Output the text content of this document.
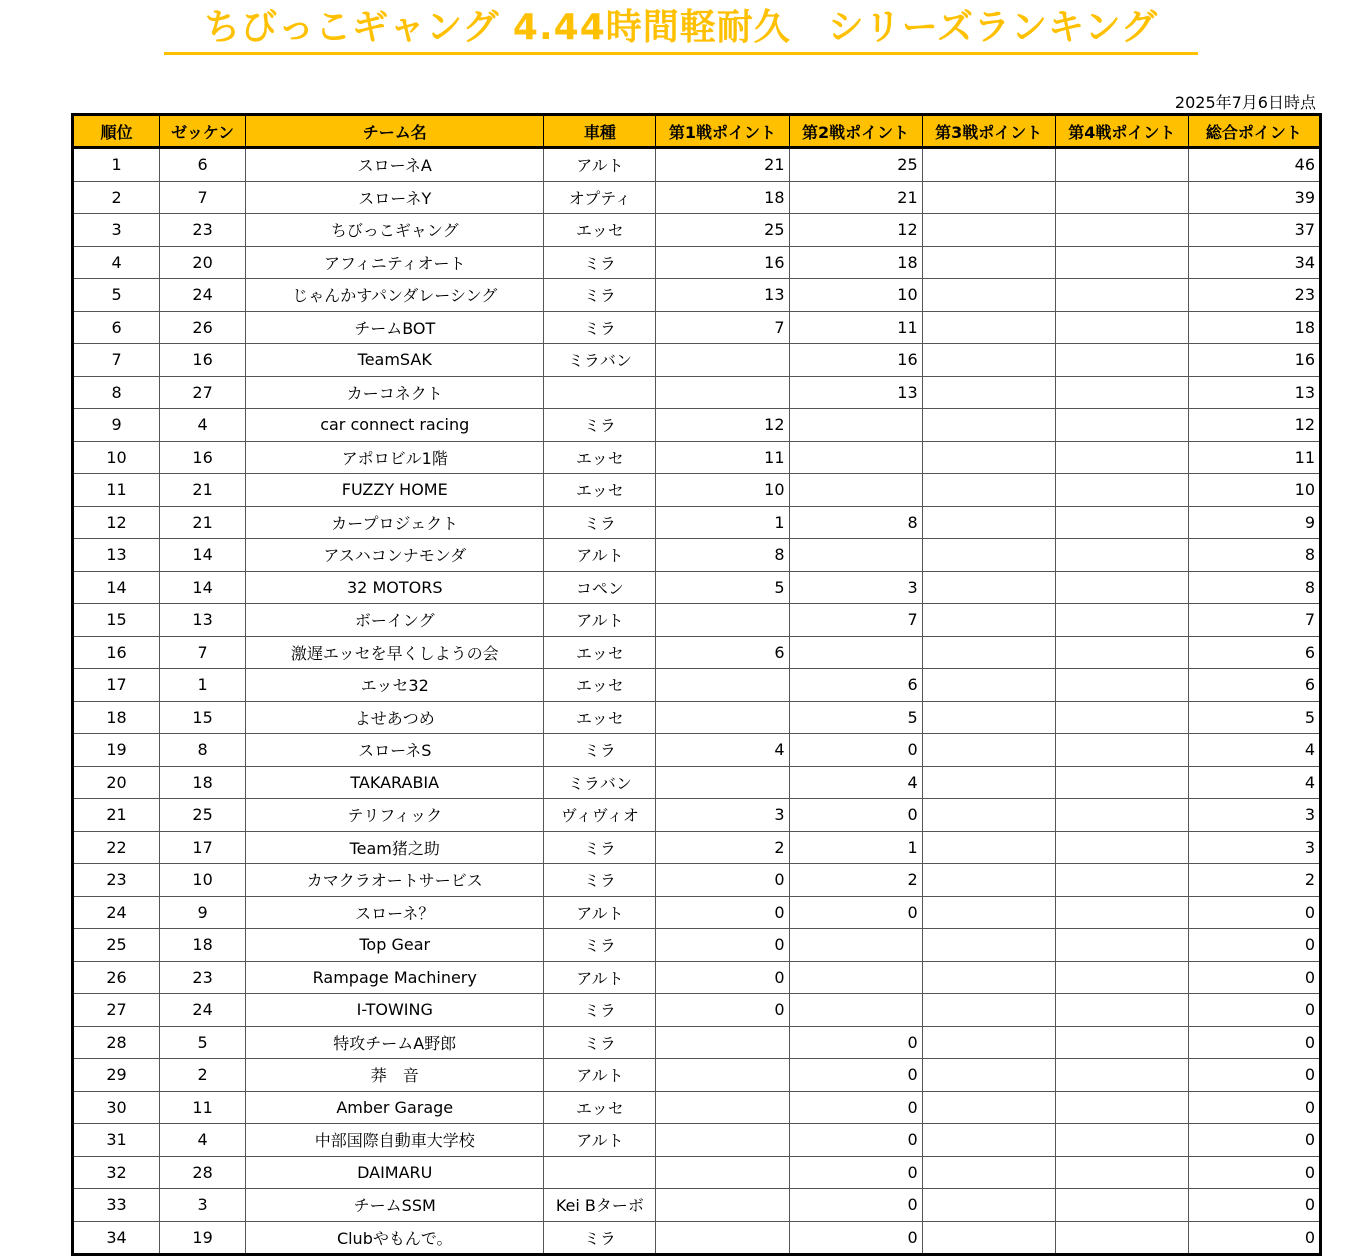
ちびっこギャング 4.44時間軽耐久　シリーズランキング
2025年7月6日時点
順位	ゼッケン	チーム名	車種	第1戦ポイント	第2戦ポイント	第3戦ポイント	第4戦ポイント	総合ポイント
1	6	スローネA	アルト	21	25			46
2	7	スローネY	オプティ	18	21			39
3	23	ちびっこギャング	エッセ	25	12			37
4	20	アフィニティオート	ミラ	16	18			34
5	24	じゃんかすパンダレーシング	ミラ	13	10			23
6	26	チームBOT	ミラ	7	11			18
7	16	TeamSAK	ミラバン		16			16
8	27	カーコネクト			13			13
9	4	car connect racing	ミラ	12				12
10	16	アポロビル1階	エッセ	11				11
11	21	FUZZY HOME	エッセ	10				10
12	21	カープロジェクト	ミラ	1	8			9
13	14	アスハコンナモンダ	アルト	8				8
14	14	32 MOTORS	コペン	5	3			8
15	13	ボーイング	アルト		7			7
16	7	激遅エッセを早くしようの会	エッセ	6				6
17	1	エッセ32	エッセ		6			6
18	15	よせあつめ	エッセ		5			5
19	8	スローネS	ミラ	4	0			4
20	18	TAKARABIA	ミラバン		4			4
21	25	テリフィック	ヴィヴィオ	3	0			3
22	17	Team猪之助	ミラ	2	1			3
23	10	カマクラオートサービス	ミラ	0	2			2
24	9	スローネ？	アルト	0	0			0
25	18	Top Gear	ミラ	0				0
26	23	Rampage Machinery	アルト	0				0
27	24	I-TOWING	ミラ	0				0
28	5	特攻チームA野郎	ミラ		0			0
29	2	莽　音	アルト		0			0
30	11	Amber Garage	エッセ		0			0
31	4	中部国際自動車大学校	アルト		0			0
32	28	DAIMARU			0			0
33	3	チームSSM	Kei Bターボ		0			0
34	19	Clubやもんで。	ミラ		0			0
